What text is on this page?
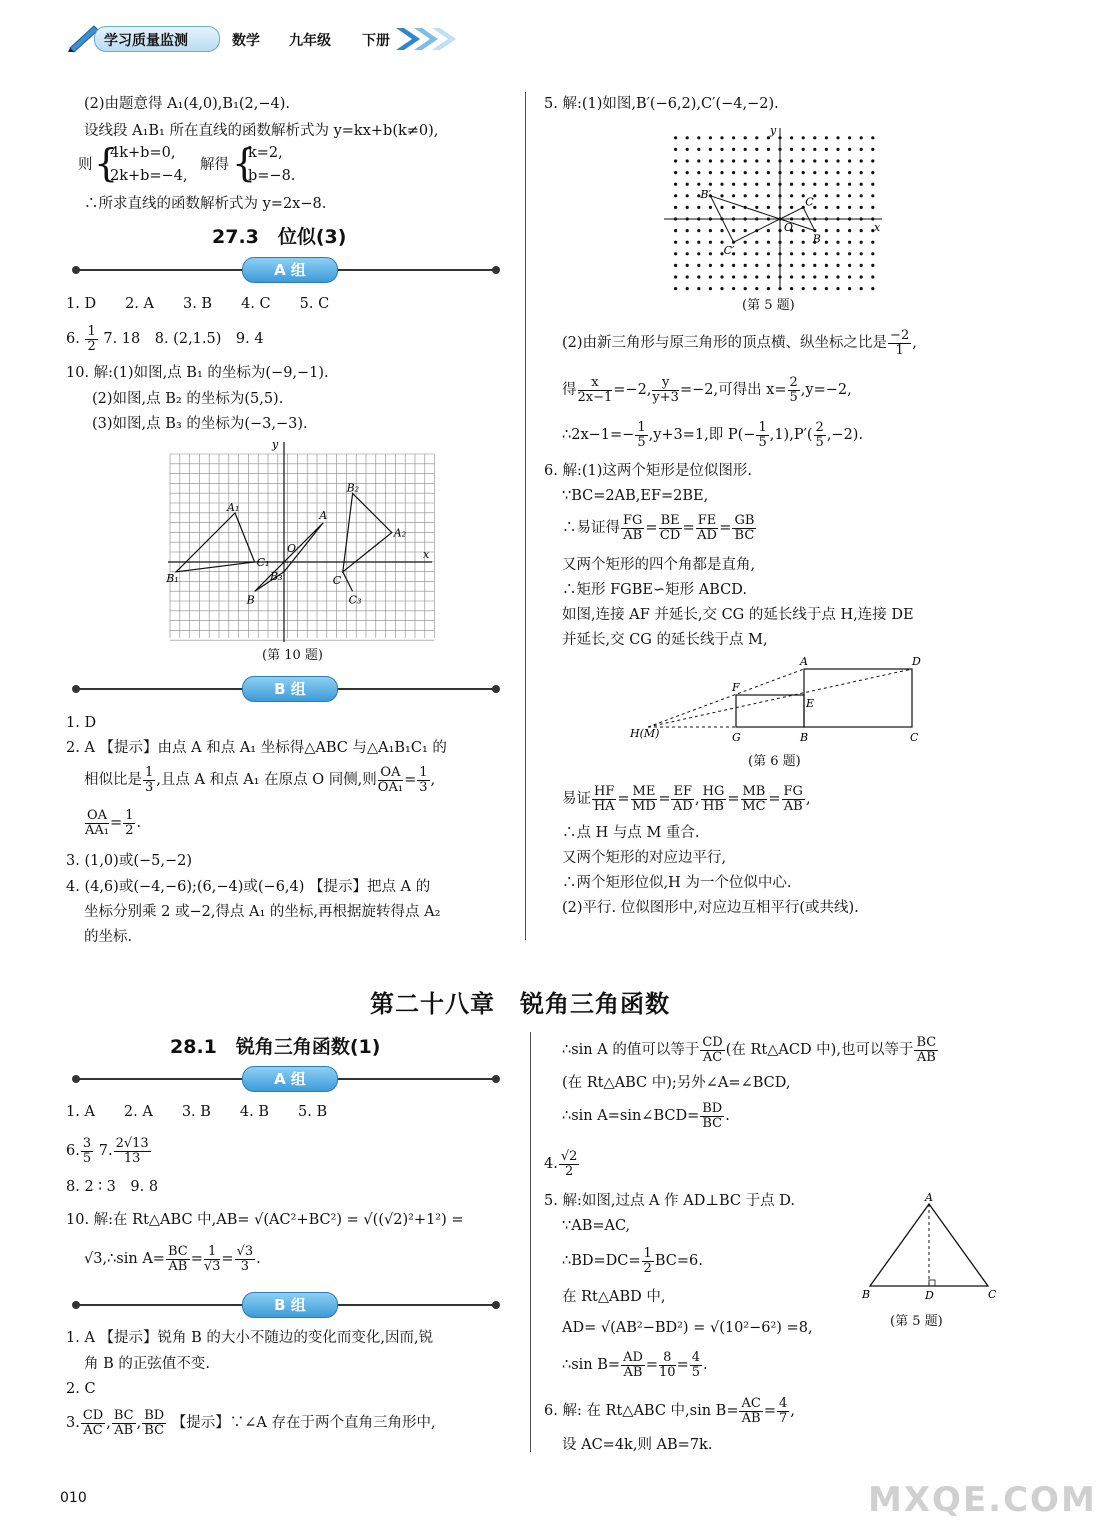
学习质量监测	数学 九年级 下册
(2)由题意得 A₁(4,0),B₁(2,−4).
设线段 A₁B₁ 所在直线的函数解析式为 y=kx+b(k≠0),
则 {
4k+b=0,
2k+b=−4,
解得 {
k=2,
b=−8.
∴所求直线的函数解析式为 y=2x−8.
27.3　位似(3)
A 组
1. D　　2. A　　3. B　　4. C　　5. C
6. $\frac{1}{2} 7$. 18　8. (2,1.5)　9. 4
10. 解:(1)如图,点 B₁ 的坐标为(−9,−1).
(2)如图,点 B₂ 的坐标为(5,5).
(3)如图,点 B₃ 的坐标为(−3,−3).
x
y
O
B₁
A₁
C₁
B
B₃
A
B₂
A₂
C
C₃
(第 10 题)
B 组
1. D
2. A 【提示】由点 A 和点 A₁ 坐标得△ABC 与△A₁B₁C₁ 的
相似比是 $\frac{1}{3}$ ,且点 A 和点 A₁ 在原点 O 同侧,则 $\frac{OA}{\text{OA₁}} = \frac{1}{3}$ ,
$\frac{OA}{\text{AA₁}} = \frac{1}{2}$ .
3. (1,0)或(−5,−2)
4. (4,6)或(−4,−6);(6,−4)或(−6,4) 【提示】把点 A 的
坐标分别乘 2 或−2,得点 A₁ 的坐标,再根据旋转得点 A₂
的坐标.
5. 解:(1)如图,B′(−6,2),C′(−4,−2).
x
y
O
B′
C′
B
C
(第 5 题)
(2)由新三角形与原三角形的顶点横、纵坐标之比是 $\frac{-2}{1}$ ,
得 $\frac{x}{2x-1} =-2$, $\frac{y}{y+3} =-2$,可得出 $x= \frac{2}{5} ,y=-2$,
∴2x−1=− $\frac{1}{5} ,y+3=1$,即 $P(- \frac{1}{5} ,1),P'( \frac{2}{5} ,-2)$.
6. 解:(1)这两个矩形是位似图形.
∵BC=2AB,EF=2BE,
∴易证得 $\frac{FG}{AB} = \frac{BE}{CD} = \frac{FE}{AD} = \frac{GB}{BC}$
又两个矩形的四个角都是直角,
∴矩形 FGBE∽矩形 ABCD.
如图,连接 AF 并延长,交 CG 的延长线于点 H,连接 DE
并延长,交 CG 的延长线于点 M,
A	D
F
E
G	B	C
H(M)
(第 6 题)
易证 $\frac{HF}{HA} = \frac{ME}{MD} = \frac{EF}{AD}$ , $\frac{HG}{HB} = \frac{MB}{MC} = \frac{FG}{AB}$ ,
∴点 H 与点 M 重合.
又两个矩形的对应边平行,
∴两个矩形位似,H 为一个位似中心.
(2)平行. 位似图形中,对应边互相平行(或共线).
第二十八章　锐角三角函数
28.1　锐角三角函数(1)
A 组
1. A　　2. A　　3. B　　4. B　　5. B
6. $\frac{3}{5} 7$. $\frac{2√13}{13}$
8. 2 ∶ 3　9. 8
10. 解:在 Rt△ABC 中,AB= √(AC²+BC²) = √((√2)²+1²) =
√3,∴sin $A= \frac{BC}{AB} = \frac{1}{√3} = \frac{√3}{3}$ .
B 组
1. A 【提示】锐角 B 的大小不随边的变化而变化,因而,锐
角 B 的正弦值不变.
2. C
3. $\frac{CD}{AC}$ , $\frac{BC}{AB}$ , $\frac{BD}{BC}$ 【提示】∵∠A 存在于两个直角三角形中,
∴sin A 的值可以等于 $\frac{CD}{AC}$ (在 Rt△ACD 中),也可以等于 $\frac{BC}{AB}$
(在 Rt△ABC 中);另外∠A=∠BCD,
∴sin A=sin∠BCD= $\frac{BD}{BC}$ .
4. $\frac{√2}{2}$
5. 解:如图,过点 A 作 AD⊥BC 于点 D.
∵AB=AC,
∴BD=DC= $\frac{1}{2} BC=6$.
在 Rt△ABD 中,
AD= √(AB²−BD²) = √(10²−6²) =8,
∴sin $B= \frac{AD}{AB} = \frac{8}{10} = \frac{4}{5}$ .
A
B	C
D
(第 5 题)
6. 解: 在 Rt△ABC 中,sin $B= \frac{AC}{AB} = \frac{4}{7}$ ,
设 AC=4k,则 AB=7k.
010	MXQE.COM
